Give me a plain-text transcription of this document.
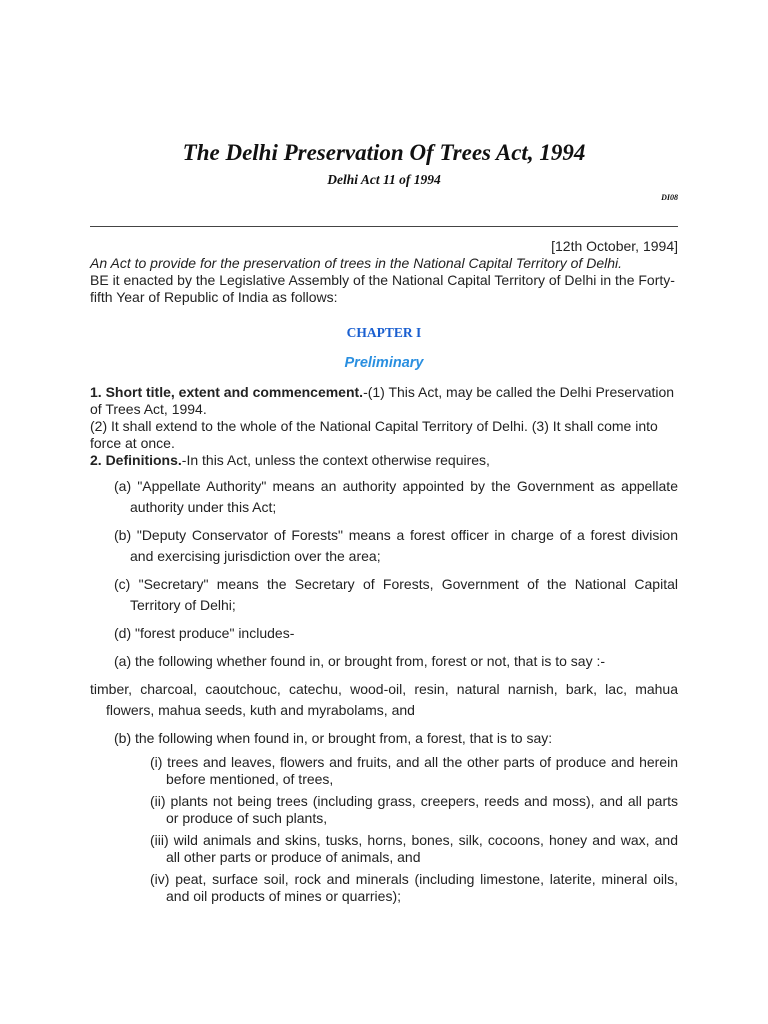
The Delhi Preservation Of Trees Act, 1994
Delhi Act 11 of 1994
DI08
[12th October, 1994]
An Act to provide for the preservation of trees in the National Capital Territory of Delhi.
BE it enacted by the Legislative Assembly of the National Capital Territory of Delhi in the Forty-fifth Year of Republic of India as follows:
CHAPTER I
Preliminary
1. Short title, extent and commencement.-(1) This Act, may be called the Delhi Preservation of Trees Act, 1994.
(2) It shall extend to the whole of the National Capital Territory of Delhi. (3) It shall come into force at once.
2. Definitions.-In this Act, unless the context otherwise requires,
(a) "Appellate Authority" means an authority appointed by the Government as appellate authority under this Act;
(b) "Deputy Conservator of Forests" means a forest officer in charge of a forest division and exercising jurisdiction over the area;
(c) "Secretary" means the Secretary of Forests, Government of the National Capital Territory of Delhi;
(d) "forest produce" includes-
(a) the following whether found in, or brought from, forest or not, that is to say :-
timber, charcoal, caoutchouc, catechu, wood-oil, resin, natural narnish, bark, lac, mahua flowers, mahua seeds, kuth and myrabolams, and
(b) the following when found in, or brought from, a forest, that is to say:
(i) trees and leaves, flowers and fruits, and all the other parts of produce and herein before mentioned, of trees,
(ii) plants not being trees (including grass, creepers, reeds and moss), and all parts or produce of such plants,
(iii) wild animals and skins, tusks, horns, bones, silk, cocoons, honey and wax, and all other parts or produce of animals, and
(iv) peat, surface soil, rock and minerals (including limestone, laterite, mineral oils, and oil products of mines or quarries);
